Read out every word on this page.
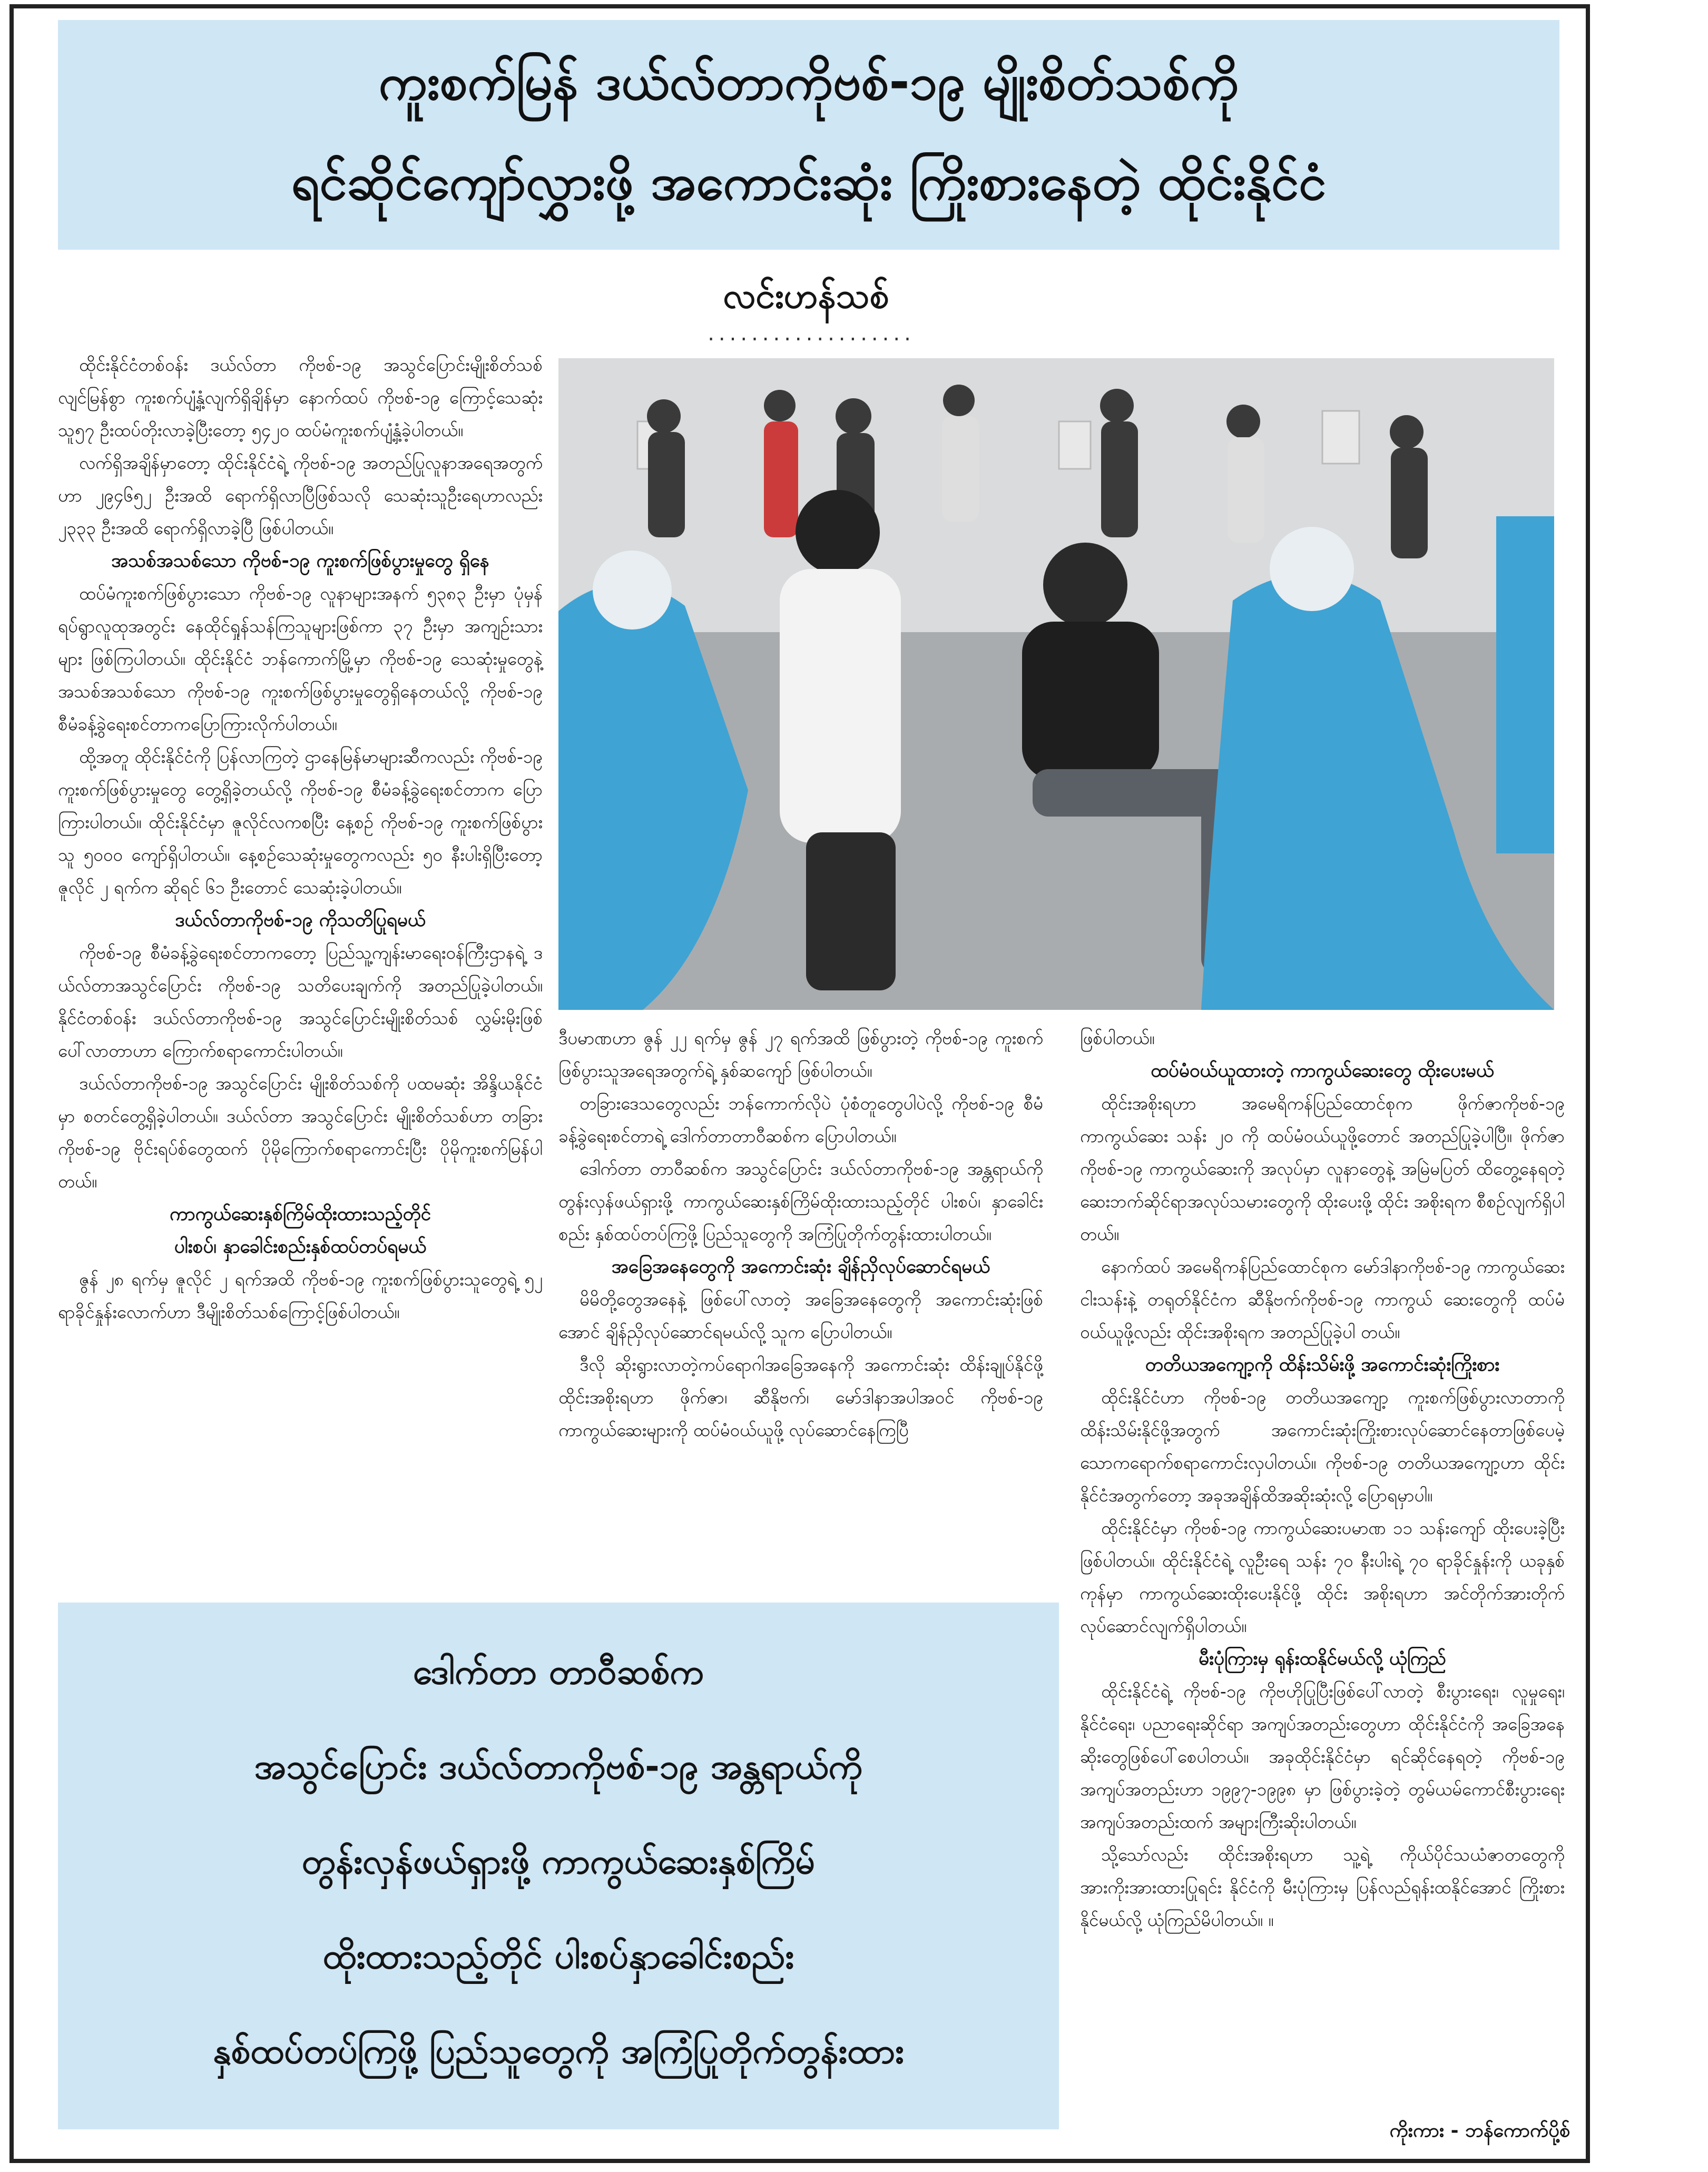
ကူးစက်မြန် ဒယ်လ်တာကိုဗစ်-၁၉ မျိုးစိတ်သစ်ကို
ရင်ဆိုင်ကျော်လွှားဖို့ အကောင်းဆုံး ကြိုးစားနေတဲ့ ထိုင်းနိုင်ငံ
လင်းဟန်သစ်
...................

ထိုင်းနိုင်ငံတစ်ဝန်း ဒယ်လ်တာ ကိုဗစ်-၁၉ အသွင်ပြောင်းမျိုးစိတ်သစ်လျင်မြန်စွာ ကူးစက်ပျံ့နှံ့လျက်ရှိချိန်မှာ နောက်ထပ် ကိုဗစ်-၁၉ ကြောင့်သေဆုံးသူ၅၇ ဦးထပ်တိုးလာခဲ့ပြီးတော့ ၅၄၂၀ ထပ်မံကူးစက်ပျံ့နှံ့ခဲ့ပါတယ်။

လက်ရှိအချိန်မှာတော့ ထိုင်းနိုင်ငံရဲ့ ကိုဗစ်-၁၉ အတည်ပြုလူနာအရေအတွက်ဟာ ၂၉၄၆၅၂ ဦးအထိ ရောက်ရှိလာပြီဖြစ်သလို သေဆုံးသူဦးရေဟာလည်း ၂၃၃၃ ဦးအထိ ရောက်ရှိလာခဲ့ပြီ ဖြစ်ပါတယ်။

အသစ်အသစ်သော ကိုဗစ်-၁၉ ကူးစက်ဖြစ်ပွားမှုတွေ ရှိနေ

ထပ်မံကူးစက်ဖြစ်ပွားသော ကိုဗစ်-၁၉ လူနာများအနက် ၅၃၈၃ ဦးမှာ ပုံမှန်ရပ်ရွာလူထုအတွင်း နေထိုင်ရှုန်သန်ကြသူများဖြစ်ကာ ၃၇ ဦးမှာ အကျဉ်းသားများ ဖြစ်ကြပါတယ်။ ထိုင်းနိုင်ငံ ဘန်ကောက်မြို့မှာ ကိုဗစ်-၁၉ သေဆုံးမှုတွေနဲ့ အသစ်အသစ်သော ကိုဗစ်-၁၉ ကူးစက်ဖြစ်ပွားမှုတွေရှိနေတယ်လို့ ကိုဗစ်-၁၉ စီမံခန့်ခွဲရေးစင်တာကပြောကြားလိုက်ပါတယ်။

ထို့အတူ ထိုင်းနိုင်ငံကို ပြန်လာကြတဲ့ ဌာနေမြန်မာများဆီကလည်း ကိုဗစ်-၁၉ ကူးစက်ဖြစ်ပွားမှုတွေ တွေ့ရှိခဲ့တယ်လို့ ကိုဗစ်-၁၉ စီမံခန့်ခွဲရေးစင်တာက ပြောကြားပါတယ်။ ထိုင်းနိုင်ငံမှာ ဇူလိုင်လကစပြီး နေ့စဉ် ကိုဗစ်-၁၉ ကူးစက်ဖြစ်ပွားသူ ၅၀၀၀ ကျော်ရှိပါတယ်။ နေ့စဉ်သေဆုံးမှုတွေကလည်း ၅၀ နီးပါးရှိပြီးတော့ ဇူလိုင် ၂ ရက်က ဆိုရင် ၆၁ ဦးတောင် သေဆုံးခဲ့ပါတယ်။

ဒယ်လ်တာကိုဗစ်-၁၉ ကိုသတိပြုရမယ်

ကိုဗစ်-၁၉ စီမံခန့်ခွဲရေးစင်တာကတော့ ပြည်သူ့ကျန်းမာရေးဝန်ကြီးဌာနရဲ့ ဒယ်လ်တာအသွင်ပြောင်း ကိုဗစ်-၁၉ သတိပေးချက်ကို အတည်ပြုခဲ့ပါတယ်။ နိုင်ငံတစ်ဝန်း ဒယ်လ်တာကိုဗစ်-၁၉ အသွင်ပြောင်းမျိုးစိတ်သစ် လွှမ်းမိုးဖြစ်ပေါ်လာတာဟာ ကြောက်စရာကောင်းပါတယ်။

ဒယ်လ်တာကိုဗစ်-၁၉ အသွင်ပြောင်း မျိုးစိတ်သစ်ကို ပထမဆုံး အိန္ဒိယနိုင်ငံမှာ စတင်တွေ့ရှိခဲ့ပါတယ်။ ဒယ်လ်တာ အသွင်ပြောင်း မျိုးစိတ်သစ်ဟာ တခြား ကိုဗစ်-၁၉ ဗိုင်းရပ်စ်တွေထက် ပိုမိုကြောက်စရာကောင်းပြီး ပိုမိုကူးစက်မြန်ပါတယ်။

ကာကွယ်ဆေးနှစ်ကြိမ်ထိုးထားသည့်တိုင်
ပါးစပ်၊ နှာခေါင်းစည်းနှစ်ထပ်တပ်ရမယ်

ဇွန် ၂၈ ရက်မှ ဇူလိုင် ၂ ရက်အထိ ကိုဗစ်-၁၉ ကူးစက်ဖြစ်ပွားသူတွေရဲ့ ၅၂ ရာခိုင်နှုန်းလောက်ဟာ ဒီမျိုးစိတ်သစ်ကြောင့်ဖြစ်ပါတယ်။

ဒီပမာဏဟာ ဇွန် ၂၂ ရက်မှ ဇွန် ၂၇ ရက်အထိ ဖြစ်ပွားတဲ့ ကိုဗစ်-၁၉ ကူးစက်ဖြစ်ပွားသူအရေအတွက်ရဲ့ နှစ်ဆကျော် ဖြစ်ပါတယ်။

တခြားဒေသတွေလည်း ဘန်ကောက်လိုပဲ ပုံစံတူတွေပါပဲလို့ ကိုဗစ်-၁၉ စီမံခန့်ခွဲရေးစင်တာရဲ့ ဒေါက်တာတာဝီဆစ်က ပြောပါတယ်။

ဒေါက်တာ တာဝီဆစ်က အသွင်ပြောင်း ဒယ်လ်တာကိုဗစ်-၁၉ အန္တရာယ်ကို တွန်းလှန်ဖယ်ရှားဖို့ ကာကွယ်ဆေးနှစ်ကြိမ်ထိုးထားသည့်တိုင် ပါးစပ်၊ နှာခေါင်းစည်း နှစ်ထပ်တပ်ကြဖို့ ပြည်သူတွေကို အကြံပြုတိုက်တွန်းထားပါတယ်။

အခြေအနေတွေကို အကောင်းဆုံး ချိန်ညှိလုပ်ဆောင်ရမယ်

မိမိတို့တွေအနေနဲ့ ဖြစ်ပေါ်လာတဲ့ အခြေအနေတွေကို အကောင်းဆုံးဖြစ်အောင် ချိန်ညှိလုပ်ဆောင်ရမယ်လို့ သူက ပြောပါတယ်။

ဒီလို ဆိုးရွားလာတဲ့ကပ်ရောဂါအခြေအနေကို အကောင်းဆုံး ထိန်းချုပ်နိုင်ဖို့ ထိုင်းအစိုးရဟာ ဖိုက်ဇာ၊ ဆီနိုဗက်၊ မော်ဒါနာအပါအဝင် ကိုဗစ်-၁၉ ကာကွယ်ဆေးများကို ထပ်မံဝယ်ယူဖို့ လုပ်ဆောင်နေကြပြီ

ဖြစ်ပါတယ်။

ထပ်မံဝယ်ယူထားတဲ့ ကာကွယ်ဆေးတွေ ထိုးပေးမယ်

ထိုင်းအစိုးရဟာ အမေရိကန်ပြည်ထောင်စုက ဖိုက်ဇာကိုဗစ်-၁၉ ကာကွယ်ဆေး သန်း ၂၀ ကို ထပ်မံဝယ်ယူဖို့တောင် အတည်ပြုခဲ့ပါပြီ။ ဖိုက်ဇာကိုဗစ်-၁၉ ကာကွယ်ဆေးကို အလုပ်မှာ လူနာတွေနဲ့ အမြဲမပြတ် ထိတွေ့နေရတဲ့ ဆေးဘက်ဆိုင်ရာအလုပ်သမားတွေကို ထိုးပေးဖို့ ထိုင်း အစိုးရက စီစဉ်လျက်ရှိပါတယ်။

နောက်ထပ် အမေရိကန်ပြည်ထောင်စုက မော်ဒါနာကိုဗစ်-၁၉ ကာကွယ်ဆေး ငါးသန်းနဲ့ တရုတ်နိုင်ငံက ဆီနိုဗက်ကိုဗစ်-၁၉ ကာကွယ် ဆေးတွေကို ထပ်မံဝယ်ယူဖို့လည်း ထိုင်းအစိုးရက အတည်ပြုခဲ့ပါ တယ်။

တတိယအကျော့ကို ထိန်းသိမ်းဖို့ အကောင်းဆုံးကြိုးစား

ထိုင်းနိုင်ငံဟာ ကိုဗစ်-၁၉ တတိယအကျော့ ကူးစက်ဖြစ်ပွားလာတာကို ထိန်းသိမ်းနိုင်ဖို့အတွက် အကောင်းဆုံးကြိုးစားလုပ်ဆောင်နေတာဖြစ်ပေမဲ့ သောကရောက်စရာကောင်းလှပါတယ်။ ကိုဗစ်-၁၉ တတိယအကျော့ဟာ ထိုင်းနိုင်ငံအတွက်တော့ အခုအချိန်ထိအဆိုးဆုံးလို့ ပြောရမှာပါ။

ထိုင်းနိုင်ငံမှာ ကိုဗစ်-၁၉ ကာကွယ်ဆေးပမာဏ ၁၁ သန်းကျော် ထိုးပေးခဲ့ပြီး ဖြစ်ပါတယ်။ ထိုင်းနိုင်ငံရဲ့ လူဦးရေ သန်း ၇၀ နီးပါးရဲ့ ၇၀ ရာခိုင်နှုန်းကို ယခုနှစ်ကုန်မှာ ကာကွယ်ဆေးထိုးပေးနိုင်ဖို့ ထိုင်း အစိုးရဟာ အင်တိုက်အားတိုက် လုပ်ဆောင်လျက်ရှိပါတယ်။

မီးပုံကြားမှ ရုန်းထနိုင်မယ်လို့ ယုံကြည်

ထိုင်းနိုင်ငံရဲ့ ကိုဗစ်-၁၉ ကိုဗဟိုပြုပြီးဖြစ်ပေါ်လာတဲ့ စီးပွားရေး၊ လူမှုရေး၊ နိုင်ငံရေး၊ ပညာရေးဆိုင်ရာ အကျပ်အတည်းတွေဟာ ထိုင်းနိုင်ငံကို အခြေအနေဆိုးတွေဖြစ်ပေါ်စေပါတယ်။ အခုထိုင်းနိုင်ငံမှာ ရင်ဆိုင်နေရတဲ့ ကိုဗစ်-၁၉ အကျပ်အတည်းဟာ ၁၉၉၇-၁၉၉၈ မှာ ဖြစ်ပွားခဲ့တဲ့ တွမ်ယမ်ကောင်စီးပွားရေးအကျပ်အတည်းထက် အများကြီးဆိုးပါတယ်။

သို့သော်လည်း ထိုင်းအစိုးရဟာ သူ့ရဲ့ ကိုယ်ပိုင်သယံဇာတတွေကို အားကိုးအားထားပြုရင်း နိုင်ငံကို မီးပုံကြားမှ ပြန်လည်ရုန်းထနိုင်အောင် ကြိုးစားနိုင်မယ်လို့ ယုံကြည်မိပါတယ်။ ။

ဒေါက်တာ တာဝီဆစ်က
အသွင်ပြောင်း ဒယ်လ်တာကိုဗစ်-၁၉ အန္တရာယ်ကို
တွန်းလှန်ဖယ်ရှားဖို့ ကာကွယ်ဆေးနှစ်ကြိမ်
ထိုးထားသည့်တိုင် ပါးစပ်နှာခေါင်းစည်း
နှစ်ထပ်တပ်ကြဖို့ ပြည်သူတွေကို အကြံပြုတိုက်တွန်းထား
ကိုးကား - ဘန်ကောက်ပို့စ်
